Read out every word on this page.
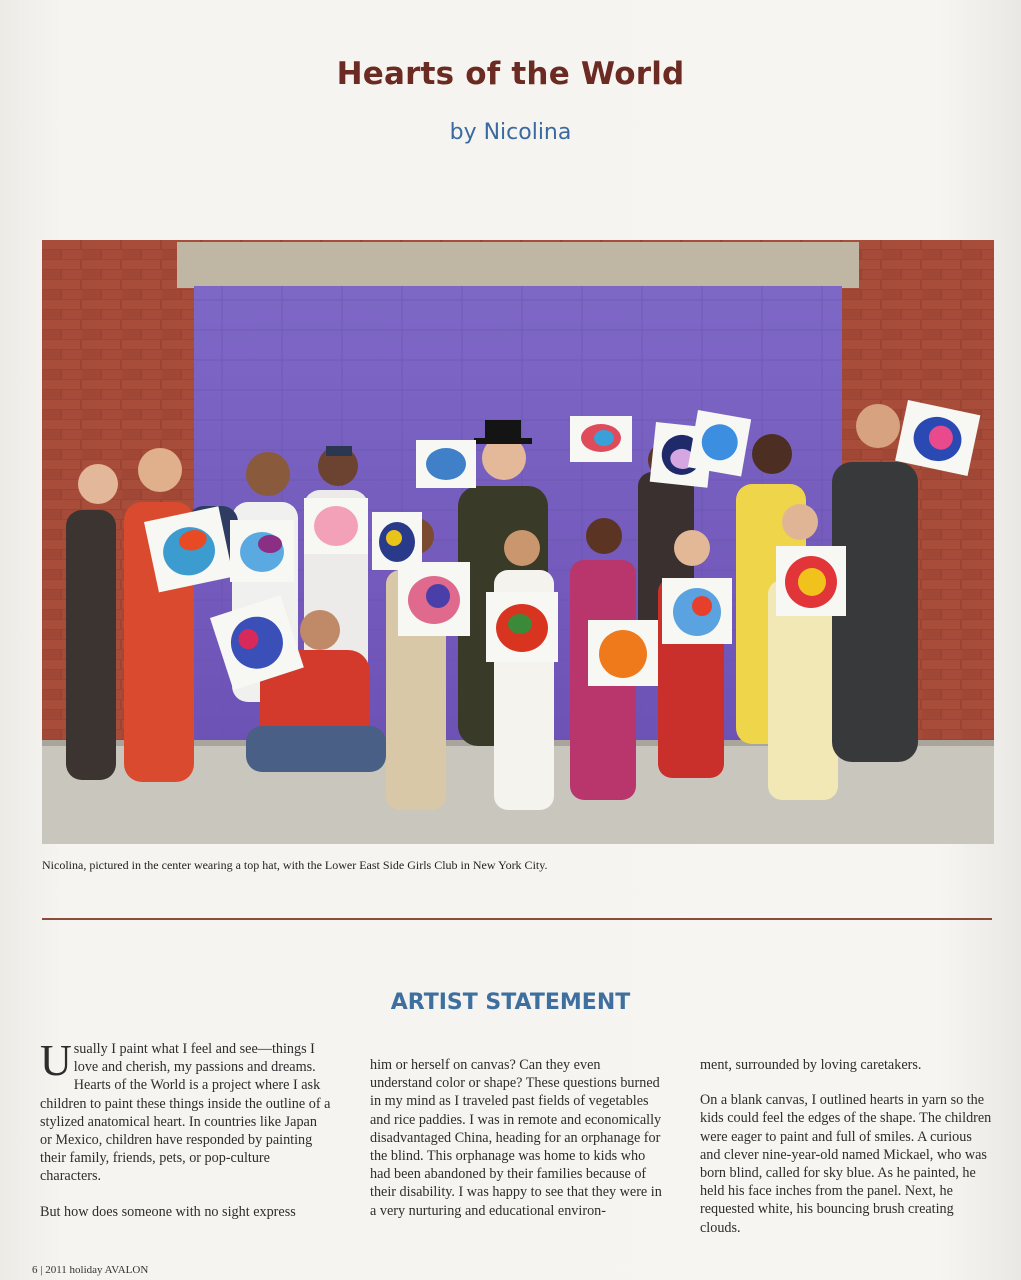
Hearts of the World
by Nicolina
Nicolina, pictured in the center wearing a top hat, with the Lower East Side Girls Club in New York City.
ARTIST STATEMENT

Usually I paint what I feel and see—things I love and cherish, my passions and dreams. Hearts of the World is a project where I ask children to paint these things inside the outline of a stylized anatomical heart. In countries like Japan or Mexico, children have responded by painting their family, friends, pets, or pop-culture characters.

But how does someone with no sight express

him or herself on canvas? Can they even understand color or shape? These questions burned in my mind as I traveled past fields of vegetables and rice paddies. I was in remote and economically disadvantaged China, heading for an orphanage for the blind. This orphanage was home to kids who had been abandoned by their families because of their disability. I was happy to see that they were in a very nurturing and educational environ-

ment, surrounded by loving caretakers.

On a blank canvas, I outlined hearts in yarn so the kids could feel the edges of the shape. The children were eager to paint and full of smiles. A curious and clever nine-year-old named Mickael, who was born blind, called for sky blue. As he painted, he held his face inches from the panel. Next, he requested white, his bouncing brush creating clouds.

6 | 2011 holiday AVALON
